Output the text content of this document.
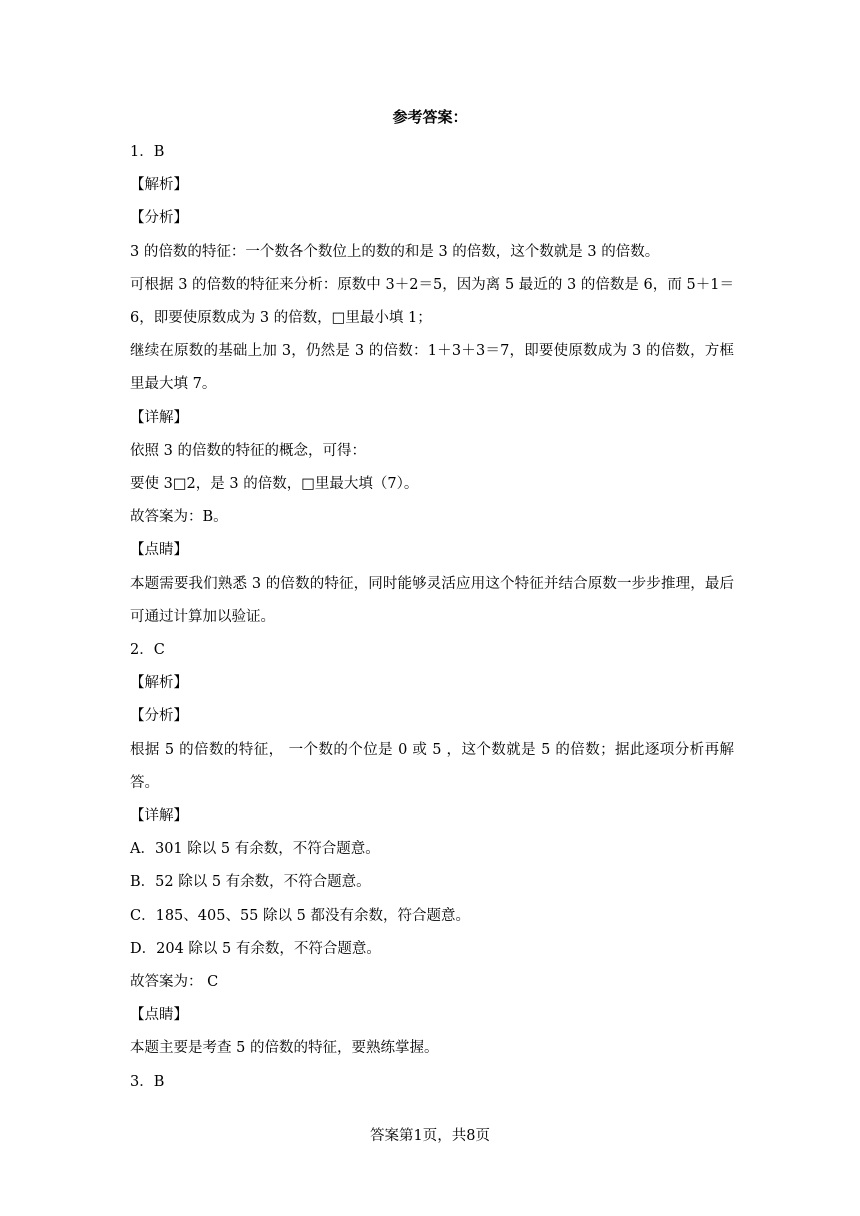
参考答案：

1．B

【解析】

【分析】

3 的倍数的特征：一个数各个数位上的数的和是 3 的倍数，这个数就是 3 的倍数。

可根据 3 的倍数的特征来分析：原数中 3＋2＝5，因为离 5 最近的 3 的倍数是 6，而 5＋1＝6，即要使原数成为 3 的倍数，□里最小填 1；

继续在原数的基础上加 3，仍然是 3 的倍数：1＋3＋3＝7，即要使原数成为 3 的倍数，方框里最大填 7。

【详解】

依照 3 的倍数的特征的概念，可得：

要使 3□2，是 3 的倍数，□里最大填（7）。

故答案为：B。

【点睛】

本题需要我们熟悉 3 的倍数的特征，同时能够灵活应用这个特征并结合原数一步步推理，最后可通过计算加以验证。

2．C

【解析】

【分析】

根据 5 的倍数的特征， 一个数的个位是 0 或 5 ，这个数就是 5 的倍数；据此逐项分析再解答。

【详解】

A．301 除以 5 有余数，不符合题意。

B．52 除以 5 有余数，不符合题意。

C．185、405、55 除以 5 都没有余数，符合题意。

D．204 除以 5 有余数，不符合题意。

故答案为： C

【点睛】

本题主要是考查 5 的倍数的特征，要熟练掌握。

3．B

答案第1页，共8页
